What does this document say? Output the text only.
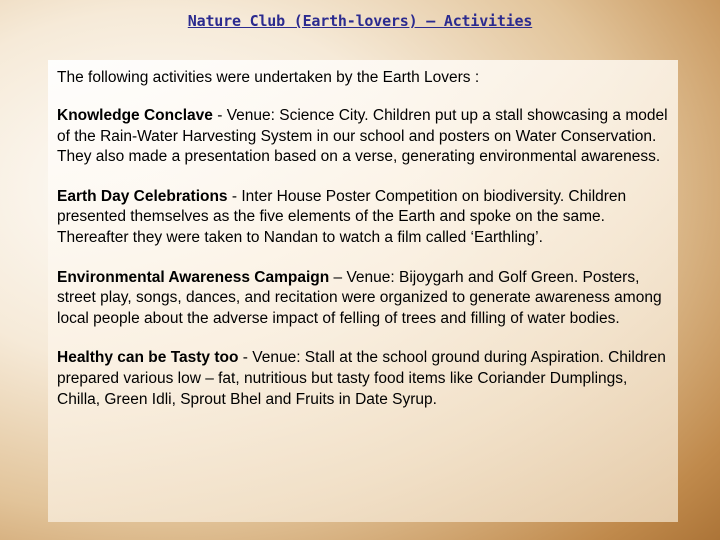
Nature Club (Earth-lovers) – Activities

The following activities were undertaken by the Earth Lovers :

Knowledge Conclave - Venue: Science City. Children put up a stall showcasing a model of the Rain-Water Harvesting System in our school and posters on Water Conservation. They also made a presentation based on a verse, generating environmental awareness.

Earth Day Celebrations - Inter House Poster Competition on biodiversity. Children presented themselves as the five elements of the Earth and spoke on the same. Thereafter they were taken to Nandan to watch a film called ‘Earthling’.

Environmental Awareness Campaign – Venue: Bijoygarh and Golf Green. Posters, street play, songs, dances, and recitation were organized to generate awareness among local people about the adverse impact of felling of trees and filling of water bodies.

Healthy can be Tasty too - Venue: Stall at the school ground during Aspiration. Children prepared various low – fat, nutritious but tasty food items like Coriander Dumplings, Chilla, Green Idli, Sprout Bhel and Fruits in Date Syrup.
